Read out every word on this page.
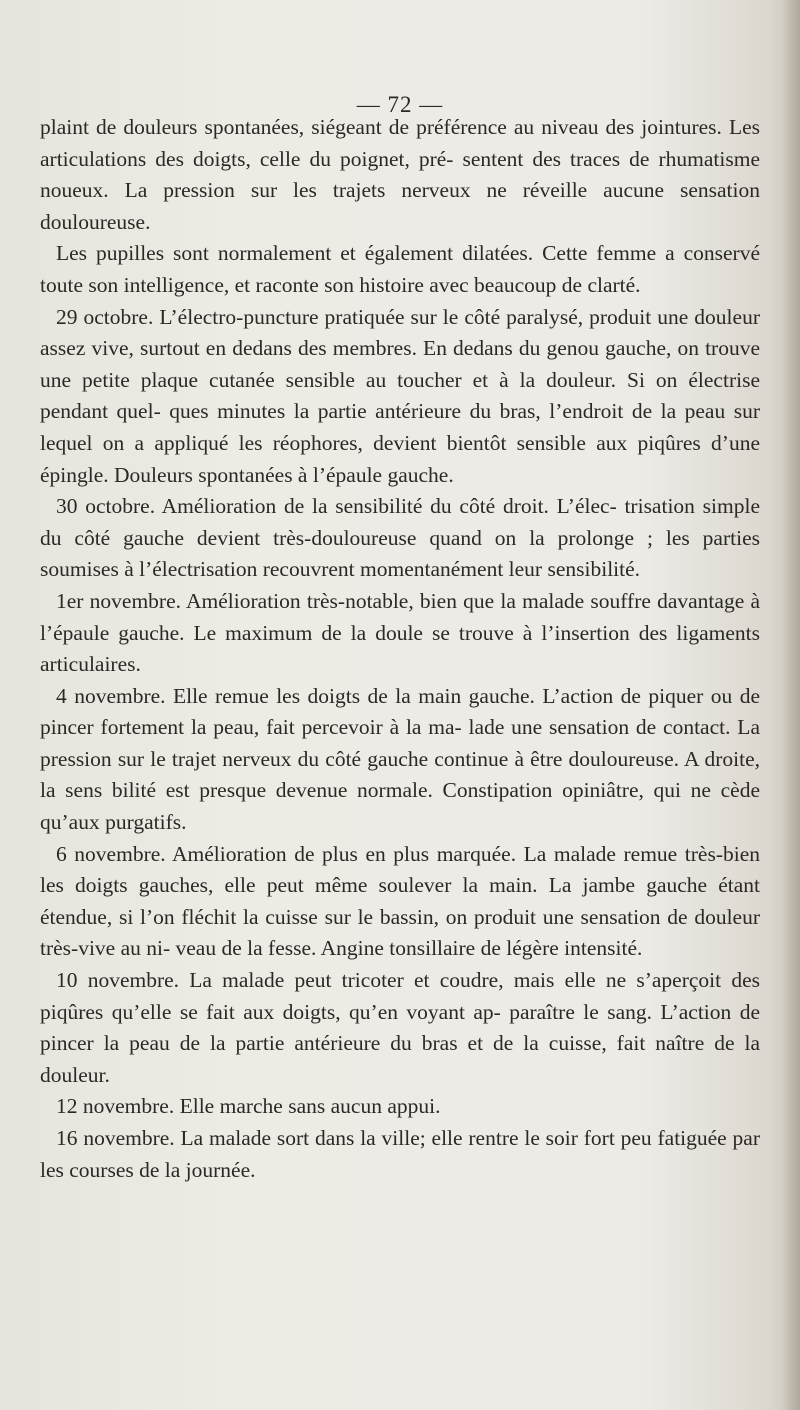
— 72 —

plaint de douleurs spontanées, siégeant de préférence au niveau des jointures. Les articulations des doigts, celle du poignet, pré- sentent des traces de rhumatisme noueux. La pression sur les trajets nerveux ne réveille aucune sensation douloureuse.

Les pupilles sont normalement et également dilatées. Cette femme a conservé toute son intelligence, et raconte son histoire avec beaucoup de clarté.

29 octobre. L’électro-puncture pratiquée sur le côté paralysé, produit une douleur assez vive, surtout en dedans des membres. En dedans du genou gauche, on trouve une petite plaque cutanée sensible au toucher et à la douleur. Si on électrise pendant quel- ques minutes la partie antérieure du bras, l’endroit de la peau sur lequel on a appliqué les réophores, devient bientôt sensible aux piqûres d’une épingle. Douleurs spontanées à l’épaule gauche.

30 octobre. Amélioration de la sensibilité du côté droit. L’élec- trisation simple du côté gauche devient très-douloureuse quand on la prolonge ; les parties soumises à l’électrisation recouvrent momentanément leur sensibilité.

1er novembre. Amélioration très-notable, bien que la malade souffre davantage à l’épaule gauche. Le maximum de la doule se trouve à l’insertion des ligaments articulaires.

4 novembre. Elle remue les doigts de la main gauche. L’action de piquer ou de pincer fortement la peau, fait percevoir à la ma- lade une sensation de contact. La pression sur le trajet nerveux du côté gauche continue à être douloureuse. A droite, la sens bilité est presque devenue normale. Constipation opiniâtre, qui ne cède qu’aux purgatifs.

6 novembre. Amélioration de plus en plus marquée. La malade remue très-bien les doigts gauches, elle peut même soulever la main. La jambe gauche étant étendue, si l’on fléchit la cuisse sur le bassin, on produit une sensation de douleur très-vive au ni- veau de la fesse. Angine tonsillaire de légère intensité.

10 novembre. La malade peut tricoter et coudre, mais elle ne s’aperçoit des piqûres qu’elle se fait aux doigts, qu’en voyant ap- paraître le sang. L’action de pincer la peau de la partie antérieure du bras et de la cuisse, fait naître de la douleur.

12 novembre. Elle marche sans aucun appui.

16 novembre. La malade sort dans la ville; elle rentre le soir fort peu fatiguée par les courses de la journée.
